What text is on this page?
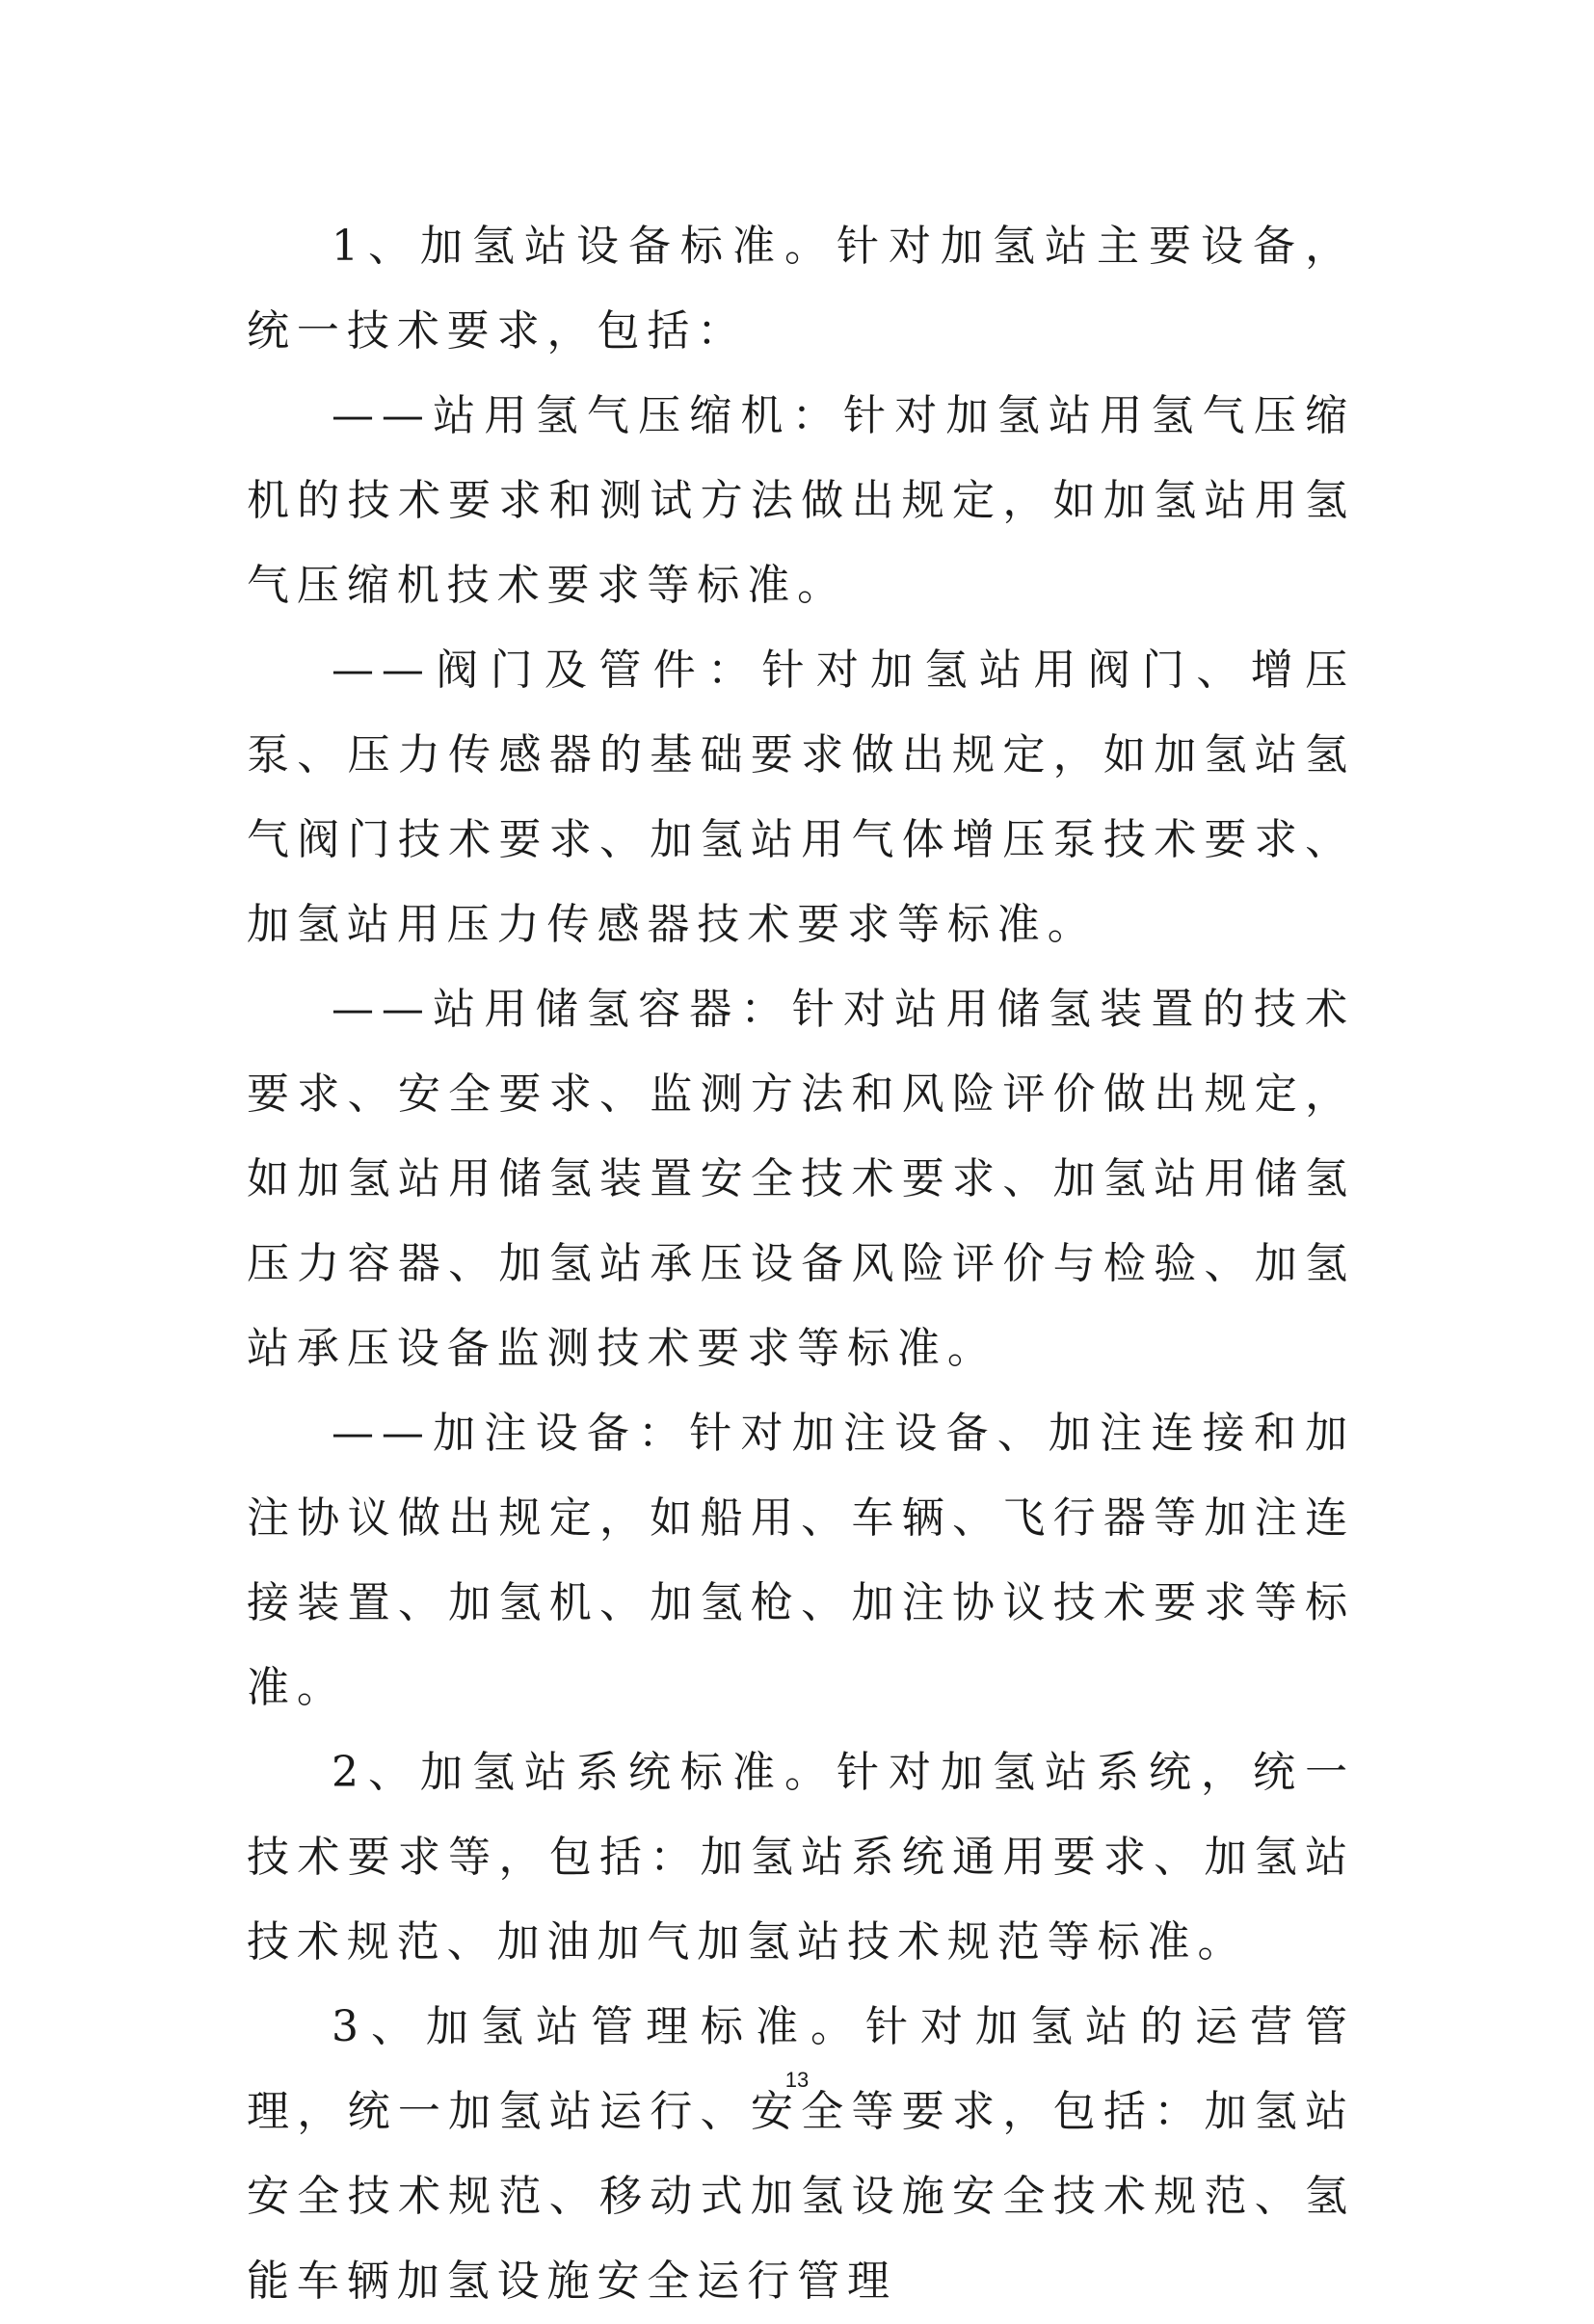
1、加氢站设备标准。针对加氢站主要设备， 统一技术要求，包括：

——站用氢气压缩机：针对加氢站用氢气压缩机的技术要求和测试方法做出规定，如加氢站用氢气压缩机技术要求等标准。

——阀门及管件：针对加氢站用阀门、增压泵、压力传感器的基础要求做出规定，如加氢站氢气阀门技术要求、加氢站用气体增压泵技术要求、加氢站用压力传感器技术要求等标准。

——站用储氢容器：针对站用储氢装置的技术要求、安全要求、监测方法和风险评价做出规定，如加氢站用储氢装置安全技术要求、加氢站用储氢压力容器、加氢站承压设备风险评价与检验、加氢站承压设备监测技术要求等标准。

——加注设备：针对加注设备、加注连接和加注协议做出规定，如船用、车辆、飞行器等加注连接装置、加氢机、加氢枪、加注协议技术要求等标准。

2、加氢站系统标准。针对加氢站系统，统一技术要求等，包括：加氢站系统通用要求、加氢站技术规范、加油加气加氢站技术规范等标准。

3、加氢站管理标准。针对加氢站的运营管理，统一加氢站运行、安全等要求，包括：加氢站安全技术规范、移动式加氢设施安全技术规范、氢能车辆加氢设施安全运行管理

13
